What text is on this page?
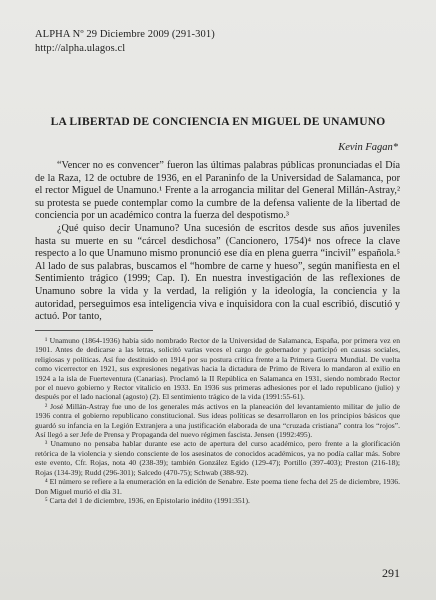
ALPHA Nº 29 Diciembre 2009 (291-301)
http://alpha.ulagos.cl
LA LIBERTAD DE CONCIENCIA EN MIGUEL DE UNAMUNO
Kevin Fagan*

“Vencer no es convencer” fueron las últimas palabras públicas pronunciadas el Día de la Raza, 12 de octubre de 1936, en el Paraninfo de la Universidad de Salamanca, por el rector Miguel de Unamuno.¹ Frente a la arrogancia militar del General Millán-Astray,² su protesta se puede contemplar como la cumbre de la defensa valiente de la libertad de conciencia por un académico contra la fuerza del despotismo.³

¿Qué quiso decir Unamuno? Una sucesión de escritos desde sus años juveniles hasta su muerte en su “cárcel desdichosa” (Cancionero, 1754)⁴ nos ofrece la clave respecto a lo que Unamuno mismo pronunció ese día en plena guerra “incivil” española.⁵ Al lado de sus palabras, buscamos el “hombre de carne y hueso”, según manifiesta en el Sentimiento trágico (1999; Cap. I). En nuestra investigación de las reflexiones de Unamuno sobre la vida y la verdad, la religión y la ideología, la conciencia y la autoridad, perseguimos esa inteligencia viva e inquisidora con la cual escribió, discutió y actuó. Por tanto,

¹ Unamuno (1864-1936) había sido nombrado Rector de la Universidad de Salamanca, España, por primera vez en 1901. Antes de dedicarse a las letras, solicitó varias veces el cargo de gobernador y participó en causas sociales, religiosas y políticas. Así fue destituido en 1914 por su postura crítica frente a la Primera Guerra Mundial. De vuelta como vicerrector en 1921, sus expresiones negativas hacia la dictadura de Primo de Rivera lo mandaron al exilio en 1924 a la isla de Fuerteventura (Canarias). Proclamó la II República en Salamanca en 1931, siendo nombrado Rector por el nuevo gobierno y Rector vitalicio en 1933. En 1936 sus primeras adhesiones por el lado republicano (julio) y después por el lado nacional (agosto) (2). El sentimiento trágico de la vida (1991:55-61).

² José Millán-Astray fue uno de los generales más activos en la planeación del levantamiento militar de julio de 1936 contra el gobierno republicano constitucional. Sus ideas políticas se desarrollaron en los principios básicos que guardó su infancia en la Legión Extranjera a una justificación elaborada de una “cruzada cristiana” contra los “rojos”. Así llegó a ser Jefe de Prensa y Propaganda del nuevo régimen fascista. Jensen (1992:495).

³ Unamuno no pensaba hablar durante ese acto de apertura del curso académico, pero frente a la glorificación retórica de la violencia y siendo consciente de los asesinatos de conocidos académicos, ya no podía callar más. Sobre este evento, Cfr. Rojas, nota 40 (238-39); también González Egido (129-47); Portillo (397-403); Preston (216-18); Rojas (134-39); Rudd (296-301); Salcedo (470-75); Schwab (388-92).

⁴ El número se refiere a la enumeración en la edición de Senabre. Este poema tiene fecha del 25 de diciembre, 1936. Don Miguel murió el día 31.

⁵ Carta del 1 de diciembre, 1936, en Epistolario inédito (1991:351).

291
